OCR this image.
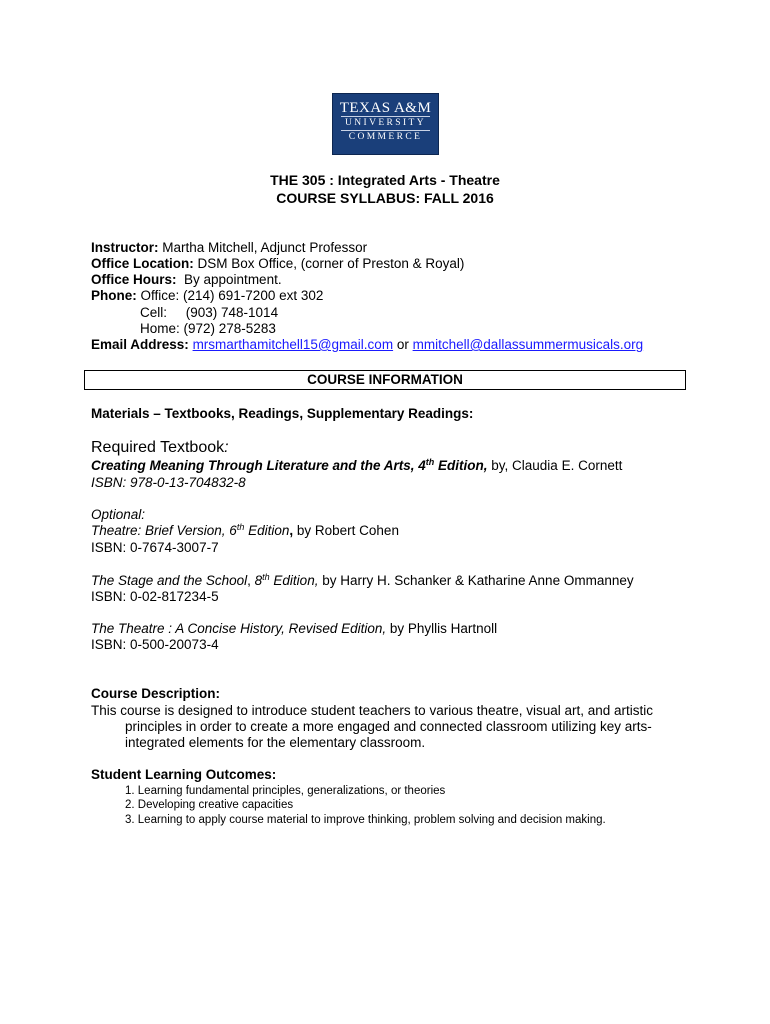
TEXAS A&M
UNIVERSITY
COMMERCE
THE 305 : Integrated Arts - Theatre
COURSE SYLLABUS: FALL 2016
Instructor: Martha Mitchell, Adjunct Professor
Office Location: DSM Box Office, (corner of Preston & Royal)
Office Hours:  By appointment.
Phone: Office: (214) 691-7200 ext 302
Cell:     (903) 748-1014
Home: (972) 278-5283
Email Address: mrsmarthamitchell15@gmail.com or mmitchell@dallassummermusicals.org
COURSE INFORMATION
Materials – Textbooks, Readings, Supplementary Readings:
Required Textbook:
Creating Meaning Through Literature and the Arts, 4th Edition, by, Claudia E. Cornett
ISBN: 978-0-13-704832-8
Optional:
Theatre: Brief Version, 6th Edition, by Robert Cohen
ISBN: 0-7674-3007-7
The Stage and the School, 8th Edition, by Harry H. Schanker & Katharine Anne Ommanney
ISBN: 0-02-817234-5
The Theatre : A Concise History, Revised Edition, by Phyllis Hartnoll
ISBN: 0-500-20073-4
Course Description:
This course is designed to introduce student teachers to various theatre, visual art, and artistic
principles in order to create a more engaged and connected classroom utilizing key arts-
integrated elements for the elementary classroom.
Student Learning Outcomes:
1. Learning fundamental principles, generalizations, or theories
2. Developing creative capacities
3. Learning to apply course material to improve thinking, problem solving and decision making.
